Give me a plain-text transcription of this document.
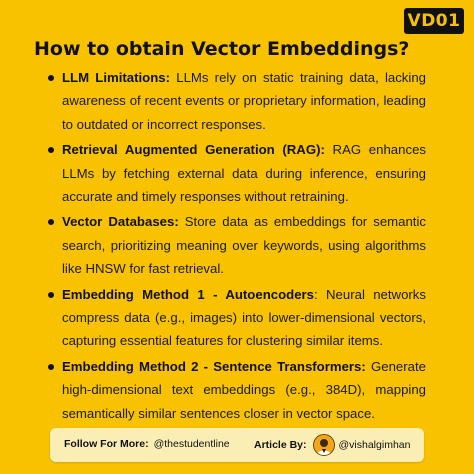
VD01
How to obtain Vector Embeddings?
LLM Limitations: LLMs rely on static training data, lacking awareness of recent events or proprietary information, leading to outdated or incorrect responses.
Retrieval Augmented Generation (RAG): RAG enhances LLMs by fetching external data during inference, ensuring accurate and timely responses without retraining.
Vector Databases: Store data as embeddings for semantic search, prioritizing meaning over keywords, using algorithms like HNSW for fast retrieval.
Embedding Method 1 - Autoencoders: Neural networks compress data (e.g., images) into lower-dimensional vectors, capturing essential features for clustering similar items.
Embedding Method 2 - Sentence Transformers: Generate high-dimensional text embeddings (e.g., 384D), mapping semantically similar sentences closer in vector space.
Follow For More: @thestudentline Article By:	@vishalgimhan
